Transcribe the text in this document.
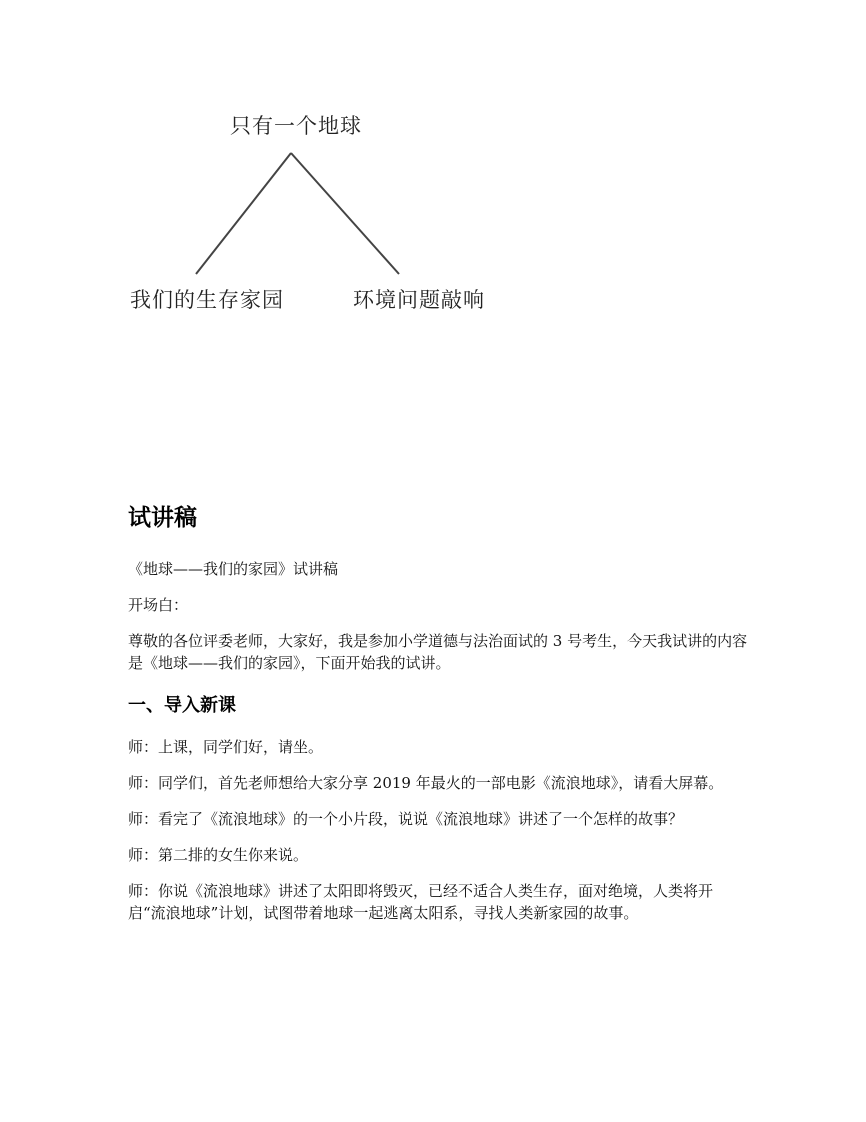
只有一个地球
我们的生存家园	环境问题敲响
试讲稿

《地球——我们的家园》试讲稿

开场白：

尊敬的各位评委老师，大家好，我是参加小学道德与法治面试的 3 号考生，今天我试讲的内容是《地球——我们的家园》，下面开始我的试讲。

一、导入新课

师：上课，同学们好，请坐。

师：同学们，首先老师想给大家分享 2019 年最火的一部电影《流浪地球》，请看大屏幕。

师：看完了《流浪地球》的一个小片段，说说《流浪地球》讲述了一个怎样的故事？

师：第二排的女生你来说。

师：你说《流浪地球》讲述了太阳即将毁灭，已经不适合人类生存，面对绝境，人类将开启“流浪地球”计划，试图带着地球一起逃离太阳系，寻找人类新家园的故事。
